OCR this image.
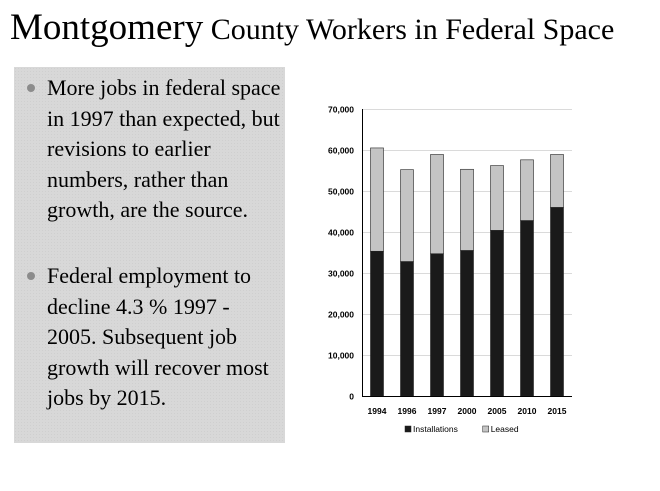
Montgomery County Workers in Federal Space
More jobs in federal space in 1997 than expected, but revisions to earlier numbers, rather than growth, are the source.
Federal employment to decline 4.3 % 1997 - 2005. Subsequent job growth will recover most jobs by 2015.	0
10,000
20,000
30,000
40,000
50,000
60,000
70,000
1994 1996 1997 2000 2005 2010 2015
Installations	Leased
